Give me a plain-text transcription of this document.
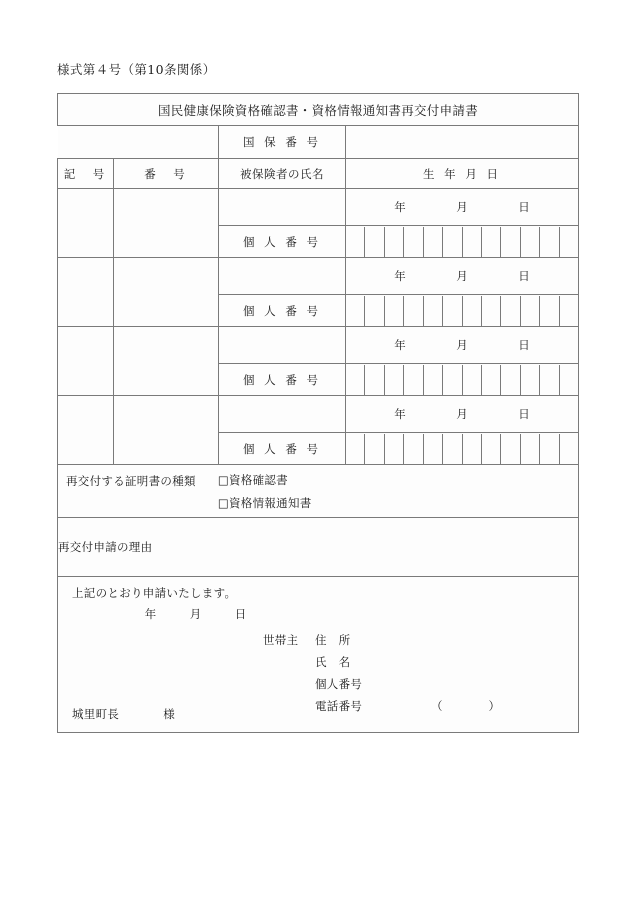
様式第４号（第10条関係）
国民健康保険資格確認書・資格情報通知書再交付申請書			
		国 保 番 号	
記　号	番　号	被保険者の氏名	生 年 月 日

			年 月 日

		個 人 番 号	

			年 月 日

		個 人 番 号	

			年 月 日

		個 人 番 号	

			年 月 日

		個 人 番 号	

再交付する証明書の種類 □資格確認書
□資格情報通知書			

再交付申請の理由			

上記のとおり申請いたします。
年	月	日
世帯主	住　所
氏　名
個人番号
電話番号	（	）
城里町長	様
